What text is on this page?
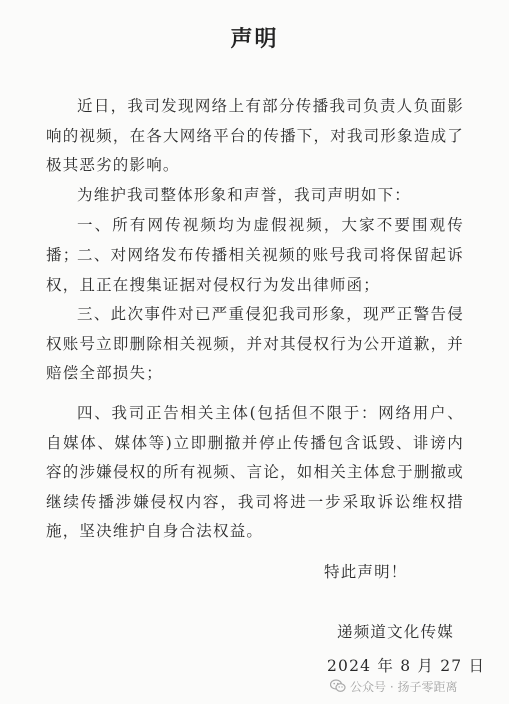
声明

近日，我司发现网络上有部分传播我司负责人负面影响的视频，在各大网络平台的传播下，对我司形象造成了极其恶劣的影响。

为维护我司整体形象和声誉，我司声明如下：

一、所有网传视频均为虚假视频，大家不要围观传播；

二、对网络发布传播相关视频的账号我司将保留起诉权，且正在搜集证据对侵权行为发出律师函；

三、此次事件对已严重侵犯我司形象，现严正警告侵权账号立即删除相关视频，并对其侵权行为公开道歉，并赔偿全部损失；

四、我司正告相关主体(包括但不限于：网络用户、自媒体、媒体等)立即删撤并停止传播包含诋毁、诽谤内容的涉嫌侵权的所有视频、言论，如相关主体怠于删撤或继续传播涉嫌侵权内容，我司将进一步采取诉讼维权措施，坚决维护自身合法权益。

特此声明！
递频道文化传媒
2024 年 8 月 27 日
公众号 · 扬子零距离
